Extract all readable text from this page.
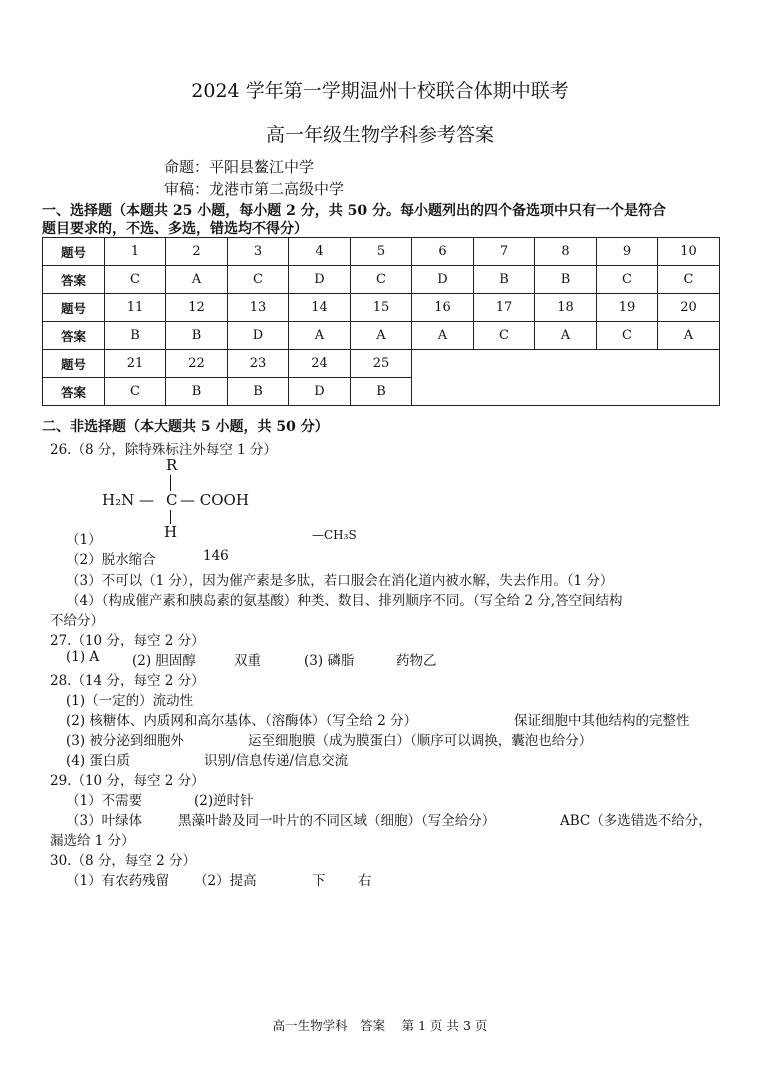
2024 学年第一学期温州十校联合体期中联考
高一年级生物学科参考答案
命题：平阳县鳌江中学
审稿：龙港市第二高级中学
一、选择题（本题共 25 小题，每小题 2 分，共 50 分。每小题列出的四个备选项中只有一个是符合
题目要求的，不选、多选，错选均不得分）
题号	1	2	3	4	5	6	7	8	9	10
答案	C	A	C	D	C	D	B	B	C	C
题号	11	12	13	14	15	16	17	18	19	20
答案	B	B	D	A	A	A	C	A	C	A
题号	21	22	23	24	25					
答案	C	B	B	D	B					
二、非选择题（本大题共 5 小题，共 50 分）
26.（8 分，除特殊标注外每空 1 分）
R
H₂N — C — COOH
H
（1）	—CH₃S
（2）脱水缩合	146
（3）不可以（1 分），因为催产素是多肽，若口服会在消化道内被水解，失去作用。（1 分）
（4）（构成催产素和胰岛素的氨基酸）种类、数目、排列顺序不同。（写全给 2 分,答空间结构
不给分）
27.（10 分，每空 2 分）
(1) A (2) 胆固醇	双重	(3) 磷脂	药物乙
28.（14 分，每空 2 分）
(1)（一定的）流动性
(2) 核糖体、内质网和高尔基体、（溶酶体）（写全给 2 分）	保证细胞中其他结构的完整性
(3) 被分泌到细胞外	运至细胞膜（成为膜蛋白）（顺序可以调换，囊泡也给分）
(4) 蛋白质	识别/信息传递/信息交流
29.（10 分，每空 2 分）
（1）不需要	(2)逆时针
（3）叶绿体	黑藻叶龄及同一叶片的不同区域（细胞）（写全给分）	ABC（多选错选不给分，
漏选给 1 分）
30.（8 分，每空 2 分）
（1）有农药残留 （2）提高	下 右
高一生物学科　答案　 第 1 页 共 3 页
